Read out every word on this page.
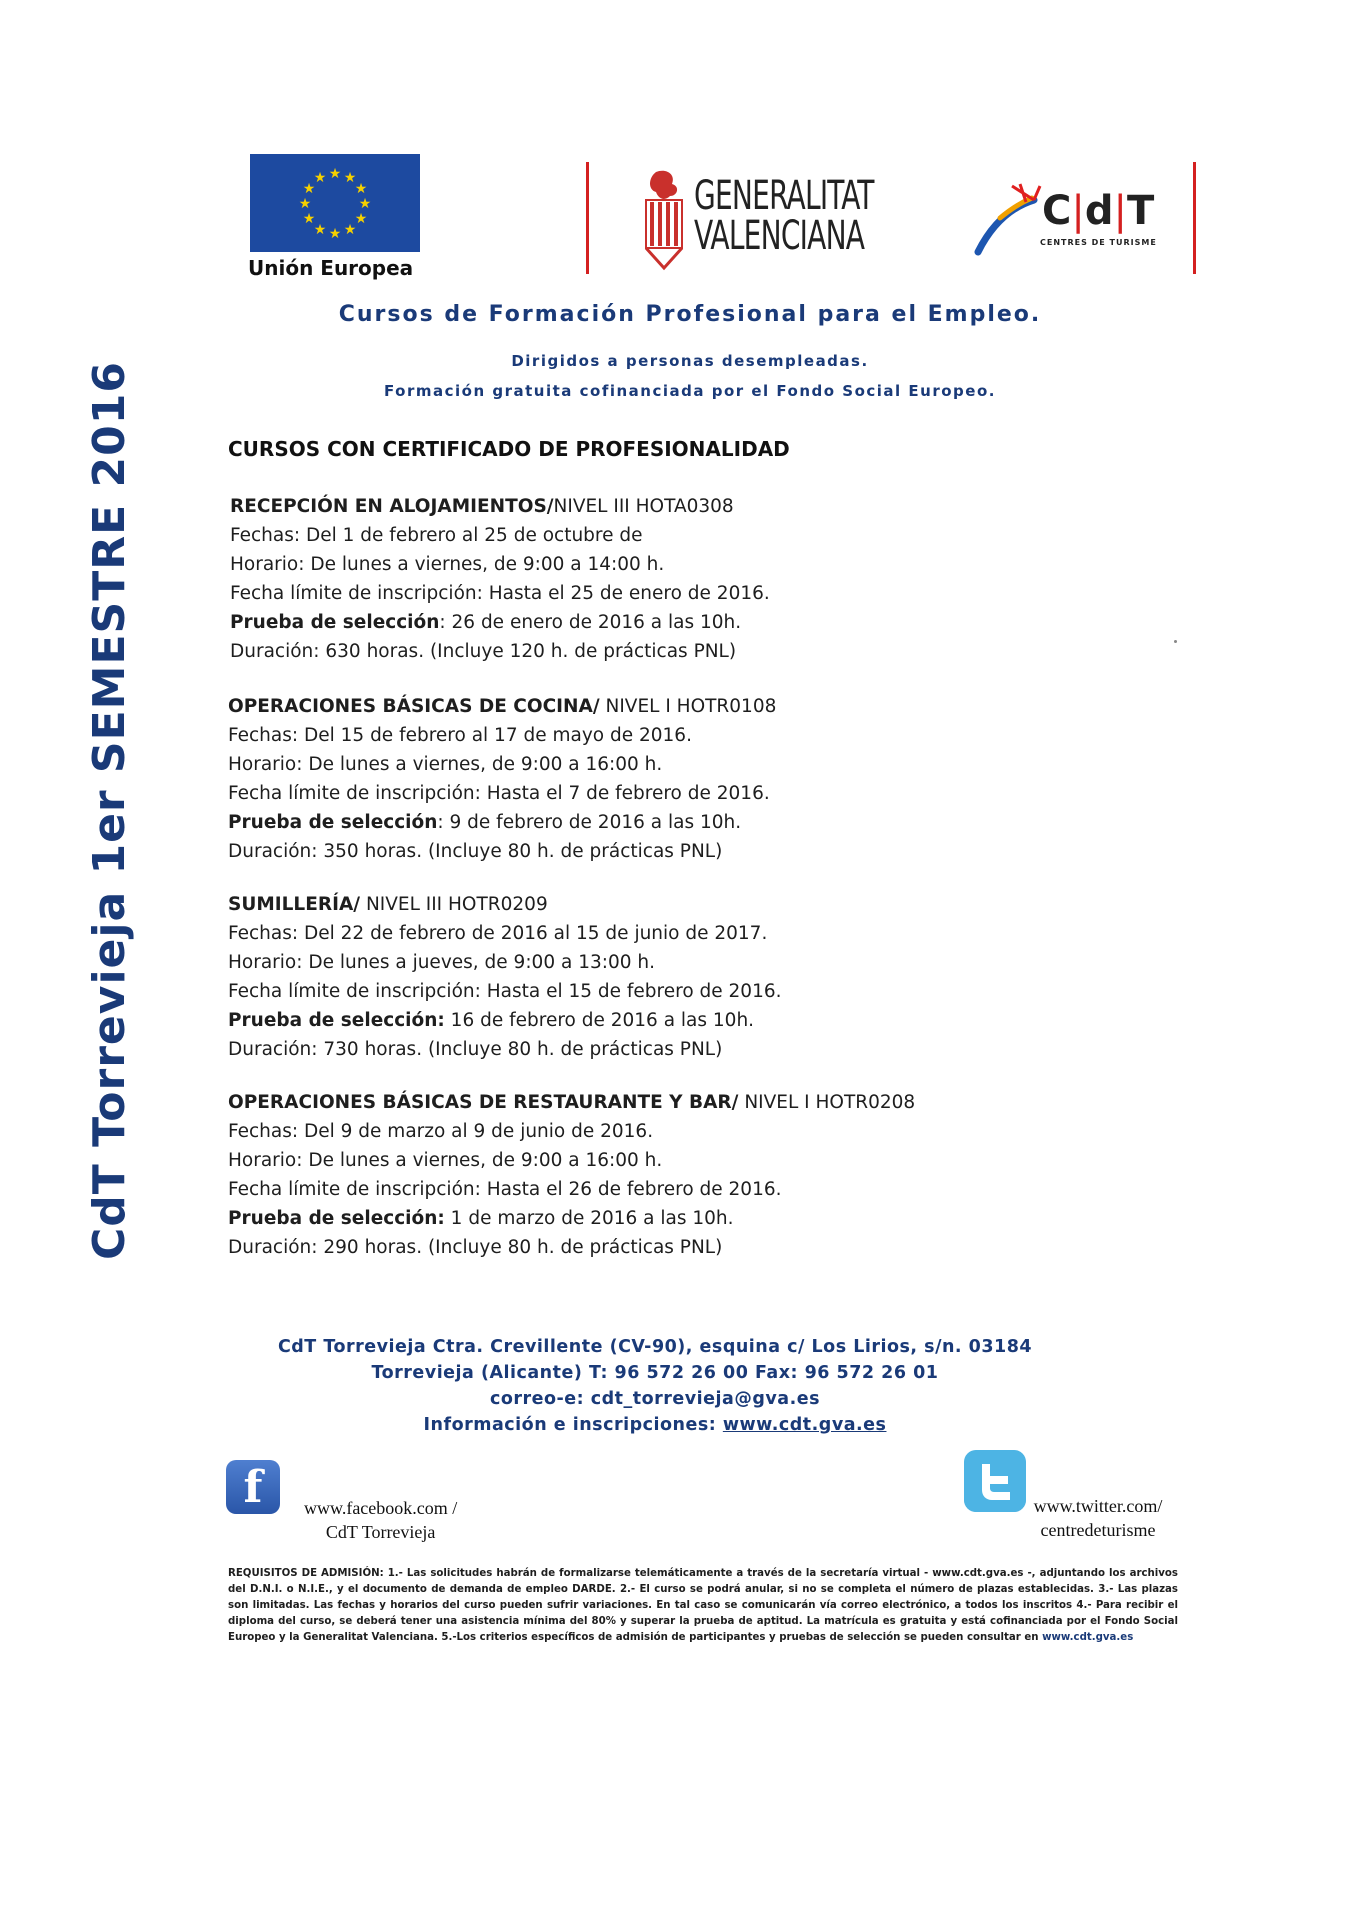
★ ★
★
★
★
★
★
★
★
★
★
★
Unión Europea
GENERALITAT
VALENCIANA
C|d|T
CENTRES DE TURISME
CdT Torrevieja 1er SEMESTRE 2016
Cursos de Formación Profesional para el Empleo.
Dirigidos a personas desempleadas.
Formación gratuita cofinanciada por el Fondo Social Europeo.
CURSOS CON CERTIFICADO DE PROFESIONALIDAD
RECEPCIÓN EN ALOJAMIENTOS/NIVEL III HOTA0308
Fechas: Del 1 de febrero al 25 de octubre de
Horario: De lunes a viernes, de 9:00 a 14:00 h.
Fecha límite de inscripción: Hasta el 25 de enero de 2016.
Prueba de selección: 26 de enero de 2016 a las 10h.
Duración: 630 horas. (Incluye 120 h. de prácticas PNL)
OPERACIONES BÁSICAS DE COCINA/ NIVEL I HOTR0108
Fechas: Del 15 de febrero al 17 de mayo de 2016.
Horario: De lunes a viernes, de 9:00 a 16:00 h.
Fecha límite de inscripción: Hasta el 7 de febrero de 2016.
Prueba de selección: 9 de febrero de 2016 a las 10h.
Duración: 350 horas. (Incluye 80 h. de prácticas PNL)
SUMILLERÍA/ NIVEL III HOTR0209
Fechas: Del 22 de febrero de 2016 al 15 de junio de 2017.
Horario: De lunes a jueves, de 9:00 a 13:00 h.
Fecha límite de inscripción: Hasta el 15 de febrero de 2016.
Prueba de selección: 16 de febrero de 2016 a las 10h.
Duración: 730 horas. (Incluye 80 h. de prácticas PNL)
OPERACIONES BÁSICAS DE RESTAURANTE Y BAR/ NIVEL I HOTR0208
Fechas: Del 9 de marzo al 9 de junio de 2016.
Horario: De lunes a viernes, de 9:00 a 16:00 h.
Fecha límite de inscripción: Hasta el 26 de febrero de 2016.
Prueba de selección: 1 de marzo de 2016 a las 10h.
Duración: 290 horas. (Incluye 80 h. de prácticas PNL)
CdT Torrevieja Ctra. Crevillente (CV-90), esquina c/ Los Lirios, s/n. 03184
Torrevieja (Alicante) T: 96 572 26 00 Fax: 96 572 26 01
correo-e: cdt_torrevieja@gva.es
Información e inscripciones: www.cdt.gva.es
f	www.facebook.com /
CdT Torrevieja
www.twitter.com/
centredeturisme
REQUISITOS DE ADMISIÓN: 1.- Las solicitudes habrán de formalizarse telemáticamente a través de la secretaría virtual - www.cdt.gva.es -, adjuntando los archivos del D.N.I. o N.I.E., y el documento de demanda de empleo DARDE. 2.- El curso se podrá anular, si no se completa el número de plazas establecidas. 3.- Las plazas son limitadas. Las fechas y horarios del curso pueden sufrir variaciones. En tal caso se comunicarán vía correo electrónico, a todos los inscritos 4.- Para recibir el diploma del curso, se deberá tener una asistencia mínima del 80% y superar la prueba de aptitud. La matrícula es gratuita y está cofinanciada por el Fondo Social Europeo y la Generalitat Valenciana. 5.-Los criterios específicos de admisión de participantes y pruebas de selección se pueden consultar en www.cdt.gva.es
